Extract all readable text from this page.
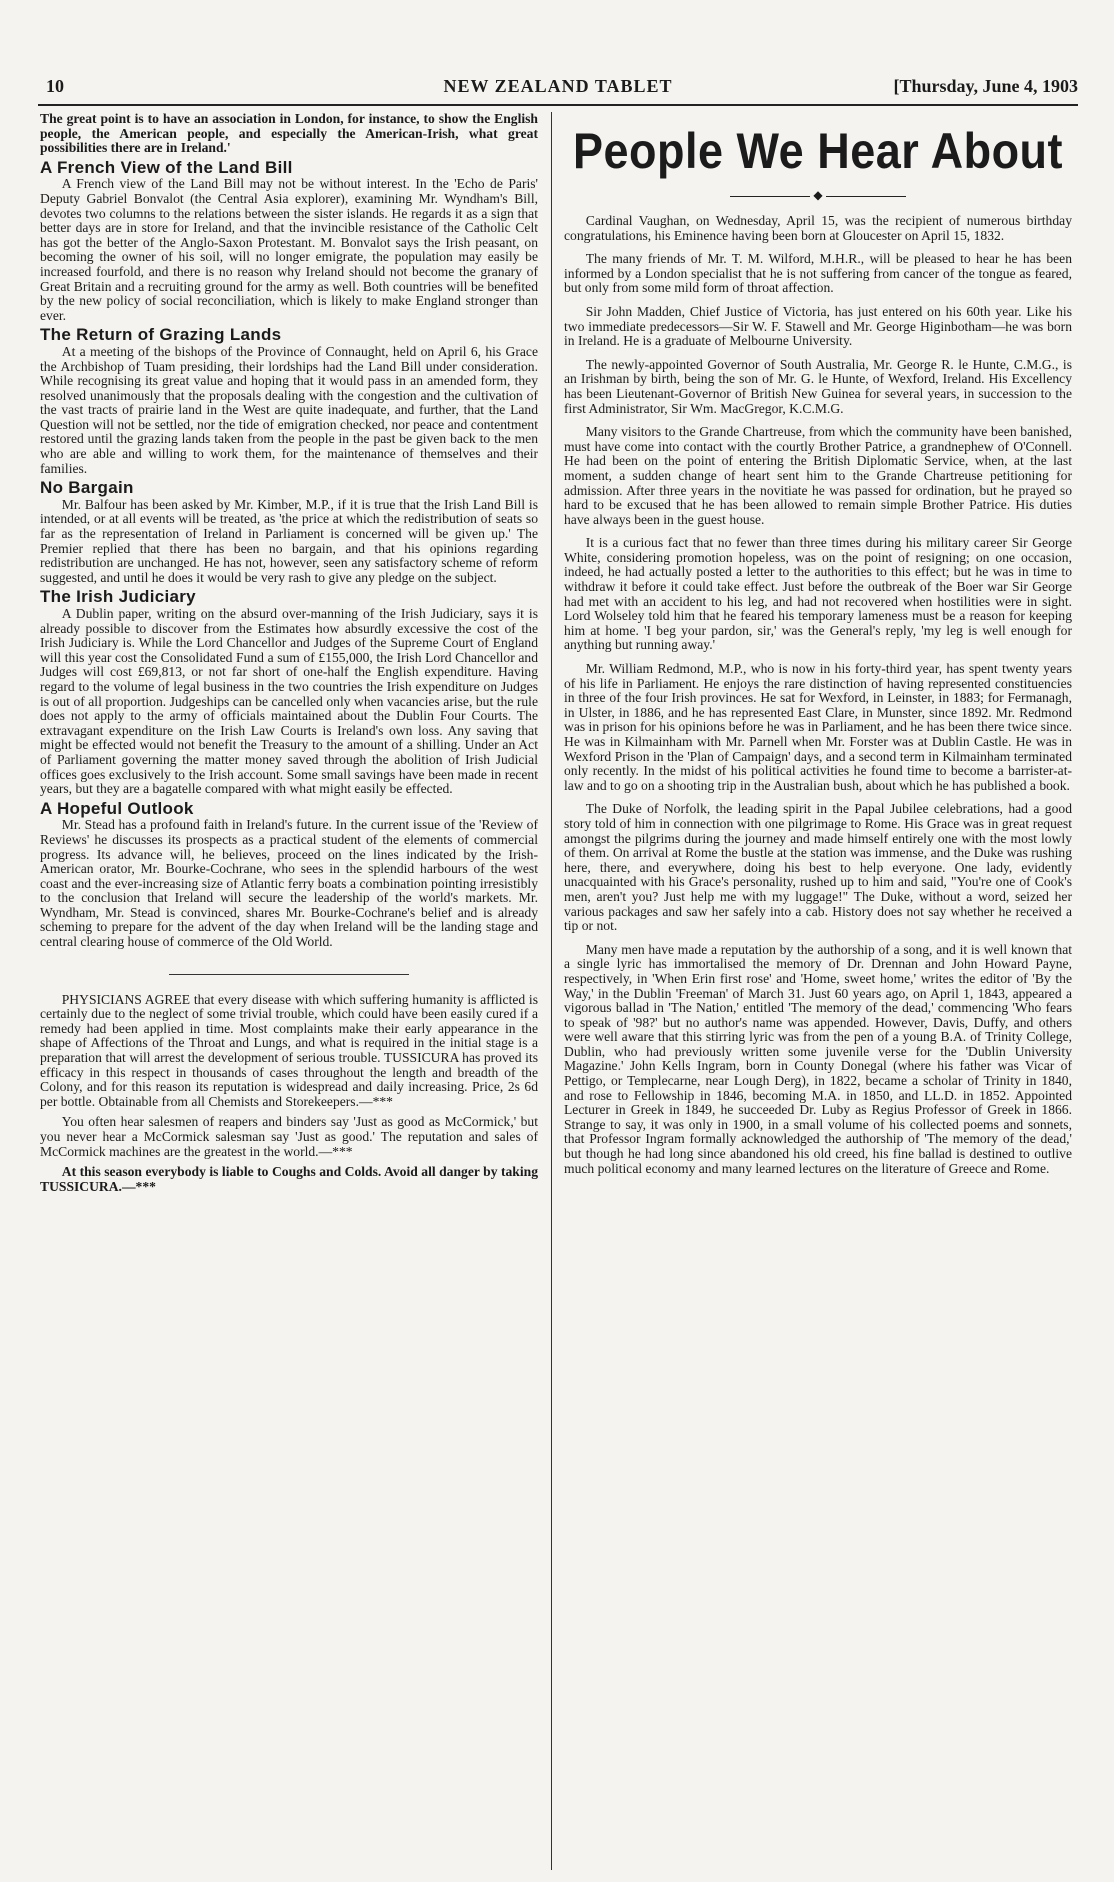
10	NEW ZEALAND TABLET	[Thursday, June 4, 1903

The great point is to have an association in London, for instance, to show the English people, the American people, and especially the American-Irish, what great possibilities there are in Ireland.'

A French View of the Land Bill

A French view of the Land Bill may not be without interest. In the 'Echo de Paris' Deputy Gabriel Bonvalot (the Central Asia explorer), examining Mr. Wyndham's Bill, devotes two columns to the relations between the sister islands. He regards it as a sign that better days are in store for Ireland, and that the invincible resistance of the Catholic Celt has got the better of the Anglo-Saxon Protestant. M. Bonvalot says the Irish peasant, on becoming the owner of his soil, will no longer emigrate, the population may easily be increased fourfold, and there is no reason why Ireland should not become the granary of Great Britain and a recruiting ground for the army as well. Both countries will be benefited by the new policy of social reconciliation, which is likely to make England stronger than ever.

The Return of Grazing Lands

At a meeting of the bishops of the Province of Connaught, held on April 6, his Grace the Archbishop of Tuam presiding, their lordships had the Land Bill under consideration. While recognising its great value and hoping that it would pass in an amended form, they resolved unanimously that the proposals dealing with the congestion and the cultivation of the vast tracts of prairie land in the West are quite inadequate, and further, that the Land Question will not be settled, nor the tide of emigration checked, nor peace and contentment restored until the grazing lands taken from the people in the past be given back to the men who are able and willing to work them, for the maintenance of themselves and their families.

No Bargain

Mr. Balfour has been asked by Mr. Kimber, M.P., if it is true that the Irish Land Bill is intended, or at all events will be treated, as 'the price at which the redistribution of seats so far as the representation of Ireland in Parliament is concerned will be given up.' The Premier replied that there has been no bargain, and that his opinions regarding redistribution are unchanged. He has not, however, seen any satisfactory scheme of reform suggested, and until he does it would be very rash to give any pledge on the subject.

The Irish Judiciary

A Dublin paper, writing on the absurd over-manning of the Irish Judiciary, says it is already possible to discover from the Estimates how absurdly excessive the cost of the Irish Judiciary is. While the Lord Chancellor and Judges of the Supreme Court of England will this year cost the Consolidated Fund a sum of £155,000, the Irish Lord Chancellor and Judges will cost £69,813, or not far short of one-half the English expenditure. Having regard to the volume of legal business in the two countries the Irish expenditure on Judges is out of all proportion. Judgeships can be cancelled only when vacancies arise, but the rule does not apply to the army of officials maintained about the Dublin Four Courts. The extravagant expenditure on the Irish Law Courts is Ireland's own loss. Any saving that might be effected would not benefit the Treasury to the amount of a shilling. Under an Act of Parliament governing the matter money saved through the abolition of Irish Judicial offices goes exclusively to the Irish account. Some small savings have been made in recent years, but they are a bagatelle compared with what might easily be effected.

A Hopeful Outlook

Mr. Stead has a profound faith in Ireland's future. In the current issue of the 'Review of Reviews' he discusses its prospects as a practical student of the elements of commercial progress. Its advance will, he believes, proceed on the lines indicated by the Irish-American orator, Mr. Bourke-Cochrane, who sees in the splendid harbours of the west coast and the ever-increasing size of Atlantic ferry boats a combination pointing irresistibly to the conclusion that Ireland will secure the leadership of the world's markets. Mr. Wyndham, Mr. Stead is convinced, shares Mr. Bourke-Cochrane's belief and is already scheming to prepare for the advent of the day when Ireland will be the landing stage and central clearing house of commerce of the Old World.

PHYSICIANS AGREE that every disease with which suffering humanity is afflicted is certainly due to the neglect of some trivial trouble, which could have been easily cured if a remedy had been applied in time. Most complaints make their early appearance in the shape of Affections of the Throat and Lungs, and what is required in the initial stage is a preparation that will arrest the development of serious trouble. TUSSICURA has proved its efficacy in this respect in thousands of cases throughout the length and breadth of the Colony, and for this reason its reputation is widespread and daily increasing. Price, 2s 6d per bottle. Obtainable from all Chemists and Storekeepers.—***

You often hear salesmen of reapers and binders say 'Just as good as McCormick,' but you never hear a McCormick salesman say 'Just as good.' The reputation and sales of McCormick machines are the greatest in the world.—***

At this season everybody is liable to Coughs and Colds. Avoid all danger by taking TUSSICURA.—***

People We Hear About
◆

Cardinal Vaughan, on Wednesday, April 15, was the recipient of numerous birthday congratulations, his Eminence having been born at Gloucester on April 15, 1832.

The many friends of Mr. T. M. Wilford, M.H.R., will be pleased to hear he has been informed by a London specialist that he is not suffering from cancer of the tongue as feared, but only from some mild form of throat affection.

Sir John Madden, Chief Justice of Victoria, has just entered on his 60th year. Like his two immediate predecessors—Sir W. F. Stawell and Mr. George Higinbotham—he was born in Ireland. He is a graduate of Melbourne University.

The newly-appointed Governor of South Australia, Mr. George R. le Hunte, C.M.G., is an Irishman by birth, being the son of Mr. G. le Hunte, of Wexford, Ireland. His Excellency has been Lieutenant-Governor of British New Guinea for several years, in succession to the first Administrator, Sir Wm. MacGregor, K.C.M.G.

Many visitors to the Grande Chartreuse, from which the community have been banished, must have come into contact with the courtly Brother Patrice, a grandnephew of O'Connell. He had been on the point of entering the British Diplomatic Service, when, at the last moment, a sudden change of heart sent him to the Grande Chartreuse petitioning for admission. After three years in the novitiate he was passed for ordination, but he prayed so hard to be excused that he has been allowed to remain simple Brother Patrice. His duties have always been in the guest house.

It is a curious fact that no fewer than three times during his military career Sir George White, considering promotion hopeless, was on the point of resigning; on one occasion, indeed, he had actually posted a letter to the authorities to this effect; but he was in time to withdraw it before it could take effect. Just before the outbreak of the Boer war Sir George had met with an accident to his leg, and had not recovered when hostilities were in sight. Lord Wolseley told him that he feared his temporary lameness must be a reason for keeping him at home. 'I beg your pardon, sir,' was the General's reply, 'my leg is well enough for anything but running away.'

Mr. William Redmond, M.P., who is now in his forty-third year, has spent twenty years of his life in Parliament. He enjoys the rare distinction of having represented constituencies in three of the four Irish provinces. He sat for Wexford, in Leinster, in 1883; for Fermanagh, in Ulster, in 1886, and he has represented East Clare, in Munster, since 1892. Mr. Redmond was in prison for his opinions before he was in Parliament, and he has been there twice since. He was in Kilmainham with Mr. Parnell when Mr. Forster was at Dublin Castle. He was in Wexford Prison in the 'Plan of Campaign' days, and a second term in Kilmainham terminated only recently. In the midst of his political activities he found time to become a barrister-at-law and to go on a shooting trip in the Australian bush, about which he has published a book.

The Duke of Norfolk, the leading spirit in the Papal Jubilee celebrations, had a good story told of him in connection with one pilgrimage to Rome. His Grace was in great request amongst the pilgrims during the journey and made himself entirely one with the most lowly of them. On arrival at Rome the bustle at the station was immense, and the Duke was rushing here, there, and everywhere, doing his best to help everyone. One lady, evidently unacquainted with his Grace's personality, rushed up to him and said, "You're one of Cook's men, aren't you? Just help me with my luggage!" The Duke, without a word, seized her various packages and saw her safely into a cab. History does not say whether he received a tip or not.

Many men have made a reputation by the authorship of a song, and it is well known that a single lyric has immortalised the memory of Dr. Drennan and John Howard Payne, respectively, in 'When Erin first rose' and 'Home, sweet home,' writes the editor of 'By the Way,' in the Dublin 'Freeman' of March 31. Just 60 years ago, on April 1, 1843, appeared a vigorous ballad in 'The Nation,' entitled 'The memory of the dead,' commencing 'Who fears to speak of '98?' but no author's name was appended. However, Davis, Duffy, and others were well aware that this stirring lyric was from the pen of a young B.A. of Trinity College, Dublin, who had previously written some juvenile verse for the 'Dublin University Magazine.' John Kells Ingram, born in County Donegal (where his father was Vicar of Pettigo, or Templecarne, near Lough Derg), in 1822, became a scholar of Trinity in 1840, and rose to Fellowship in 1846, becoming M.A. in 1850, and LL.D. in 1852. Appointed Lecturer in Greek in 1849, he succeeded Dr. Luby as Regius Professor of Greek in 1866. Strange to say, it was only in 1900, in a small volume of his collected poems and sonnets, that Professor Ingram formally acknowledged the authorship of 'The memory of the dead,' but though he had long since abandoned his old creed, his fine ballad is destined to outlive much political economy and many learned lectures on the literature of Greece and Rome.
